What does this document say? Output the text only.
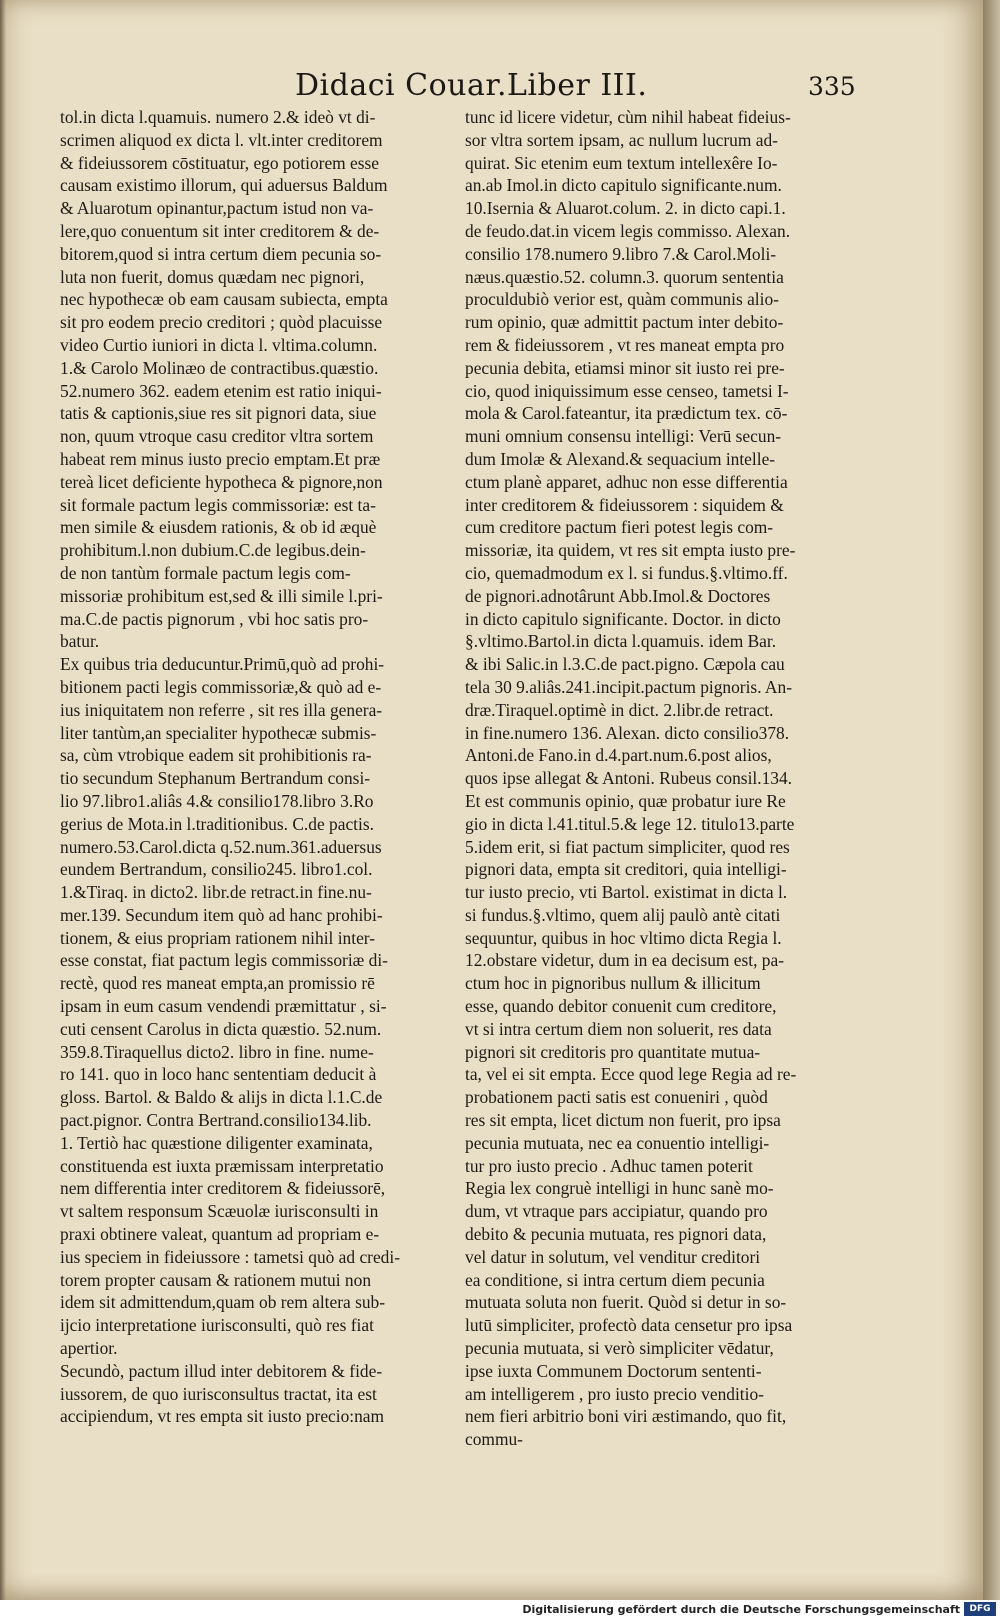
Didaci Couar.Liber III.	335
tol.in dicta l.quamuis. numero 2.& ideò vt di-
scrimen aliquod ex dicta l. vlt.inter creditorem
& fideiussorem cōstituatur, ego potiorem esse
causam existimo illorum, qui aduersus Baldum
& Aluarotum opinantur,pactum istud non va-
lere,quo conuentum sit inter creditorem & de-
bitorem,quod si intra certum diem pecunia so-
luta non fuerit, domus quædam nec pignori,
nec hypothecæ ob eam causam subiecta, empta
sit pro eodem precio creditori ; quòd placuisse
video Curtio iuniori in dicta l. vltima.column.
1.& Carolo Molinæo de contractibus.quæstio.
52.numero 362. eadem etenim est ratio iniqui-
tatis & captionis,siue res sit pignori data, siue
non, quum vtroque casu creditor vltra sortem
habeat rem minus iusto precio emptam.Et præ
tereà licet deficiente hypotheca & pignore,non
sit formale pactum legis commissoriæ: est ta-
men simile & eiusdem rationis, & ob id æquè
prohibitum.l.non dubium.C.de legibus.dein-
de non tantùm formale pactum legis com-
missoriæ prohibitum est,sed & illi simile l.pri-
ma.C.de pactis pignorum , vbi hoc satis pro-
batur.
Ex quibus tria deducuntur.Primū,quò ad prohi-
bitionem pacti legis commissoriæ,& quò ad e-
ius iniquitatem non referre , sit res illa genera-
liter tantùm,an specialiter hypothecæ submis-
sa, cùm vtrobique eadem sit prohibitionis ra-
tio secundum Stephanum Bertrandum consi-
lio 97.libro1.aliâs 4.& consilio178.libro 3.Ro
gerius de Mota.in l.traditionibus. C.de pactis.
numero.53.Carol.dicta q.52.num.361.aduersus
eundem Bertrandum, consilio245. libro1.col.
1.&Tiraq. in dicto2. libr.de retract.in fine.nu-
mer.139. Secundum item quò ad hanc prohibi-
tionem, & eius propriam rationem nihil inter-
esse constat, fiat pactum legis commissoriæ di-
rectè, quod res maneat empta,an promissio rē
ipsam in eum casum vendendi præmittatur , si-
cuti censent Carolus in dicta quæstio. 52.num.
359.8.Tiraquellus dicto2. libro in fine. nume-
ro 141. quo in loco hanc sententiam deducit à
gloss. Bartol. & Baldo & alijs in dicta l.1.C.de
pact.pignor. Contra Bertrand.consilio134.lib.
1. Tertiò hac quæstione diligenter examinata,
constituenda est iuxta præmissam interpretatio
nem differentia inter creditorem & fideiussorē,
vt saltem responsum Scæuolæ iurisconsulti in
praxi obtinere valeat, quantum ad propriam e-
ius speciem in fideiussore : tametsi quò ad credi-
torem propter causam & rationem mutui non
idem sit admittendum,quam ob rem altera sub-
ijcio interpretatione iurisconsulti, quò res fiat
apertior.
Secundò, pactum illud inter debitorem & fide-
iussorem, de quo iurisconsultus tractat, ita est
accipiendum, vt res empta sit iusto precio:nam
tunc id licere videtur, cùm nihil habeat fideius-
sor vltra sortem ipsam, ac nullum lucrum ad-
quirat. Sic etenim eum textum intellexêre Io-
an.ab Imol.in dicto capitulo significante.num.
10.Isernia & Aluarot.colum. 2. in dicto capi.1.
de feudo.dat.in vicem legis commisso. Alexan.
consilio 178.numero 9.libro 7.& Carol.Moli-
næus.quæstio.52. column.3. quorum sententia
proculdubiò verior est, quàm communis alio-
rum opinio, quæ admittit pactum inter debito-
rem & fideiussorem , vt res maneat empta pro
pecunia debita, etiamsi minor sit iusto rei pre-
cio, quod iniquissimum esse censeo, tametsi I-
mola & Carol.fateantur, ita prædictum tex. cō-
muni omnium consensu intelligi: Verū secun-
dum Imolæ & Alexand.& sequacium intelle-
ctum planè apparet, adhuc non esse differentia
inter creditorem & fideiussorem : siquidem &
cum creditore pactum fieri potest legis com-
missoriæ, ita quidem, vt res sit empta iusto pre-
cio, quemadmodum ex l. si fundus.§.vltimo.ff.
de pignori.adnotârunt Abb.Imol.& Doctores
in dicto capitulo significante. Doctor. in dicto
§.vltimo.Bartol.in dicta l.quamuis. idem Bar.
& ibi Salic.in l.3.C.de pact.pigno. Cæpola cau
tela 30 9.aliâs.241.incipit.pactum pignoris. An-
dræ.Tiraquel.optimè in dict. 2.libr.de retract.
in fine.numero 136. Alexan. dicto consilio378.
Antoni.de Fano.in d.4.part.num.6.post alios,
quos ipse allegat & Antoni. Rubeus consil.134.
Et est communis opinio, quæ probatur iure Re
gio in dicta l.41.titul.5.& lege 12. titulo13.parte
5.idem erit, si fiat pactum simpliciter, quod res
pignori data, empta sit creditori, quia intelligi-
tur iusto precio, vti Bartol. existimat in dicta l.
si fundus.§.vltimo, quem alij paulò antè citati
sequuntur, quibus in hoc vltimo dicta Regia l.
12.obstare videtur, dum in ea decisum est, pa-
ctum hoc in pignoribus nullum & illicitum
esse, quando debitor conuenit cum creditore,
vt si intra certum diem non soluerit, res data
pignori sit creditoris pro quantitate mutua-
ta, vel ei sit empta. Ecce quod lege Regia ad re-
probationem pacti satis est conueniri , quòd
res sit empta, licet dictum non fuerit, pro ipsa
pecunia mutuata, nec ea conuentio intelligi-
tur pro iusto precio . Adhuc tamen poterit
Regia lex congruè intelligi in hunc sanè mo-
dum, vt vtraque pars accipiatur, quando pro
debito & pecunia mutuata, res pignori data,
vel datur in solutum, vel venditur creditori
ea conditione, si intra certum diem pecunia
mutuata soluta non fuerit. Quòd si detur in so-
lutū simpliciter, profectò data censetur pro ipsa
pecunia mutuata, si verò simpliciter vēdatur,
ipse iuxta Communem Doctorum sententi-
am intelligerem , pro iusto precio venditio-
nem fieri arbitrio boni viri æstimando, quo fit,
commu-
Digitalisierung gefördert durch die Deutsche Forschungsgemeinschaft	DFG
